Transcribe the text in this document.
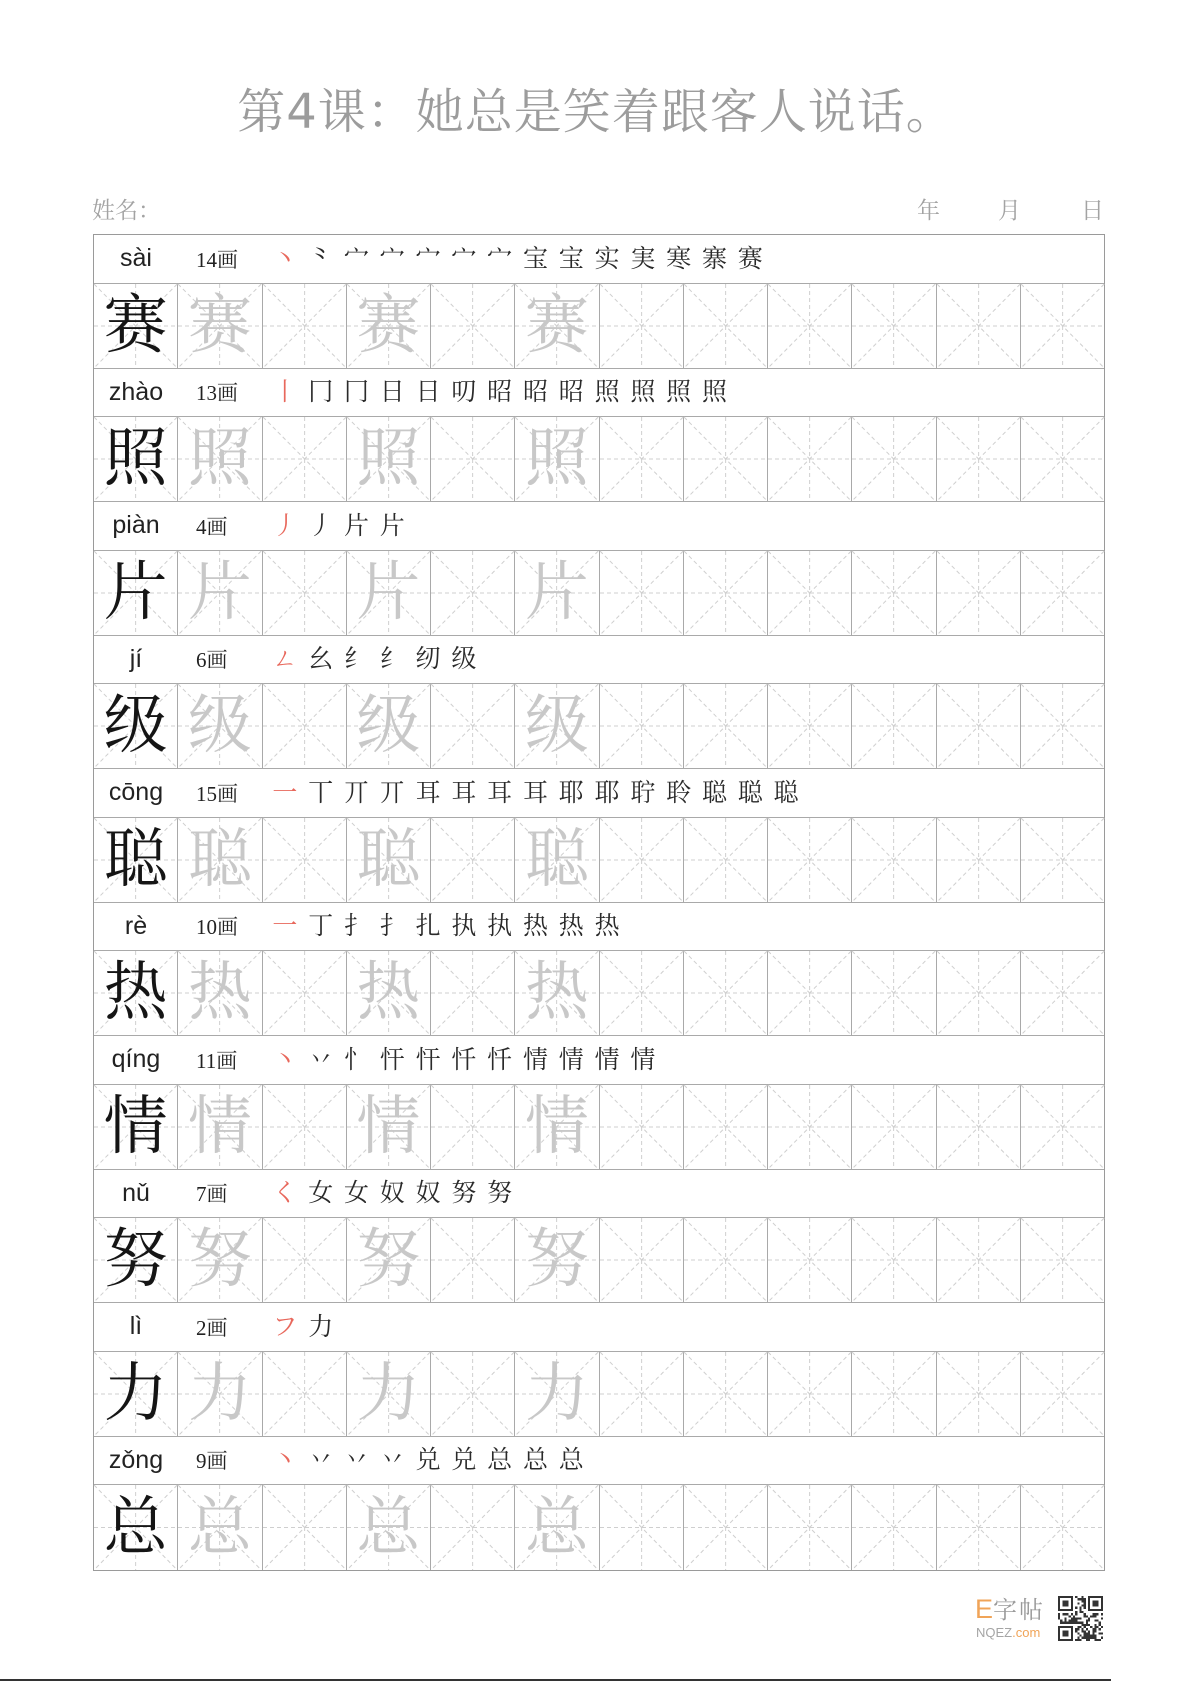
第4课：她总是笑着跟客人说话。
姓名：	年	月	日
sài	14画 丶 ⺀ 宀 宀 宀 宀 宀 宝 宝 实 実 寒 寨 赛
赛 赛 赛 赛
zhào	13画 丨 冂 冂 日 日 叨 昭 昭 昭 照 照 照 照
照 照 照 照
piàn	4画 丿 丿 片 片
片 片 片 片
jí	6画 ㄥ 幺 纟 纟 纫 级
级 级 级 级
cōng	15画 一 丅 丌 丌 耳 耳 耳 耳 耶 耶 聍 聆 聪 聪 聪
聪 聪 聪 聪
rè	10画 一 丁 扌 扌 扎 执 执 热 热 热
热 热 热 热
qíng	11画 丶 丷 忄 忓 忓 忏 忏 情 情 情 情
情 情 情 情
nǔ	7画 く 女 女 奴 奴 努 努
努 努 努 努
lì	2画 フ 力
力 力 力 力
zǒng	9画 丶 丷 丷 丷 兑 兑 总 总 总
总 总 总 总
E字帖
NQEZ.com
